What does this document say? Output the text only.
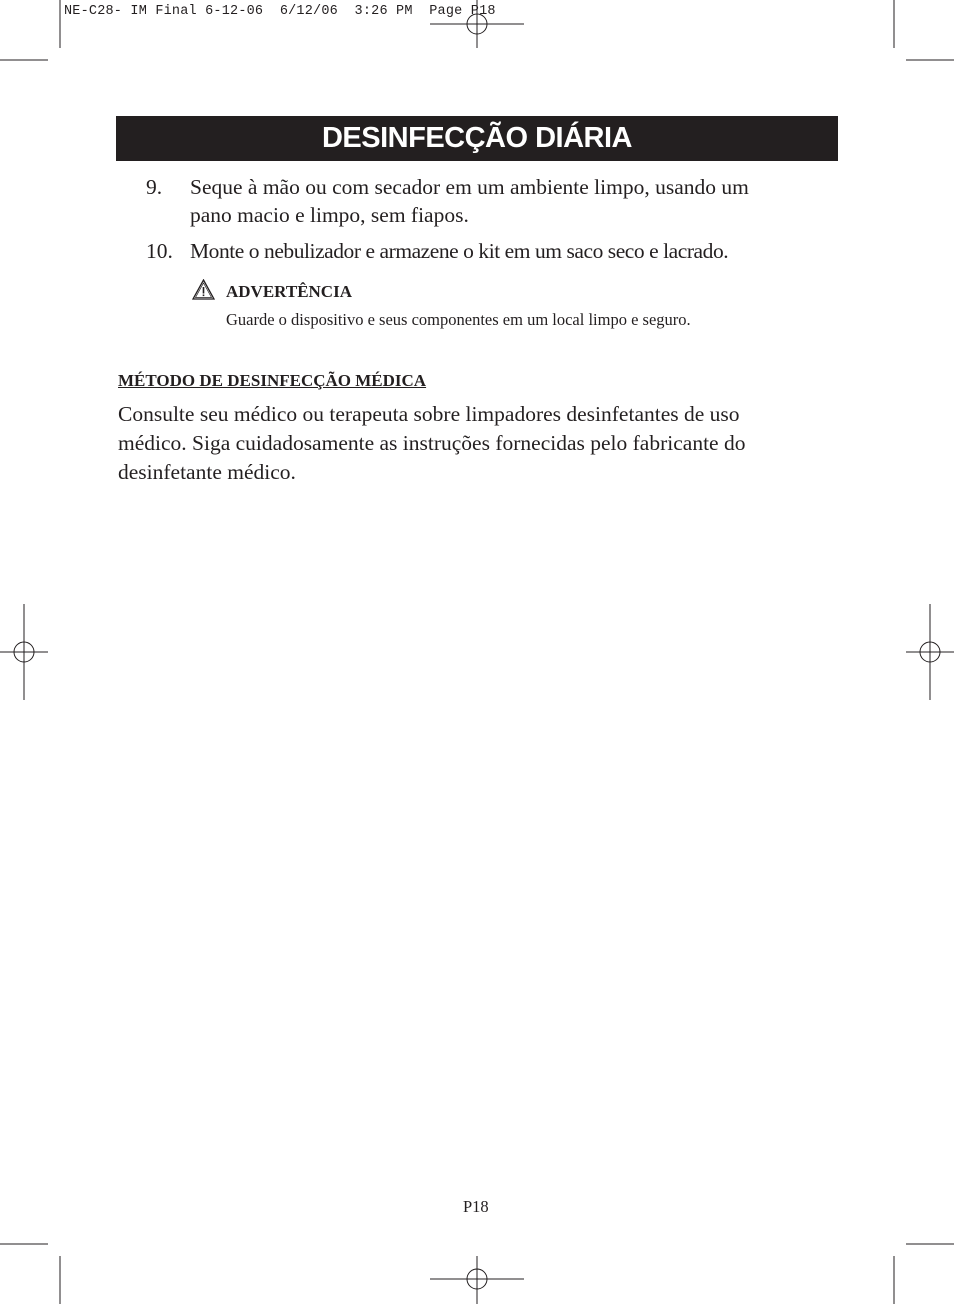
NE-C28- IM Final 6-12-06  6/12/06  3:26 PM  Page P18
DESINFECÇÃO DIÁRIA
9. Seque à mão ou com secador em um ambiente limpo, usando um
pano macio e limpo, sem fiapos.
10. Monte o nebulizador e armazene o kit em um saco seco e lacrado.
ADVERTÊNCIA
Guarde o dispositivo e seus componentes em um local limpo e seguro.
MÉTODO DE DESINFECÇÃO MÉDICA
Consulte seu médico ou terapeuta sobre limpadores desinfetantes de uso
médico. Siga cuidadosamente as instruções fornecidas pelo fabricante do
desinfetante médico.
P18
